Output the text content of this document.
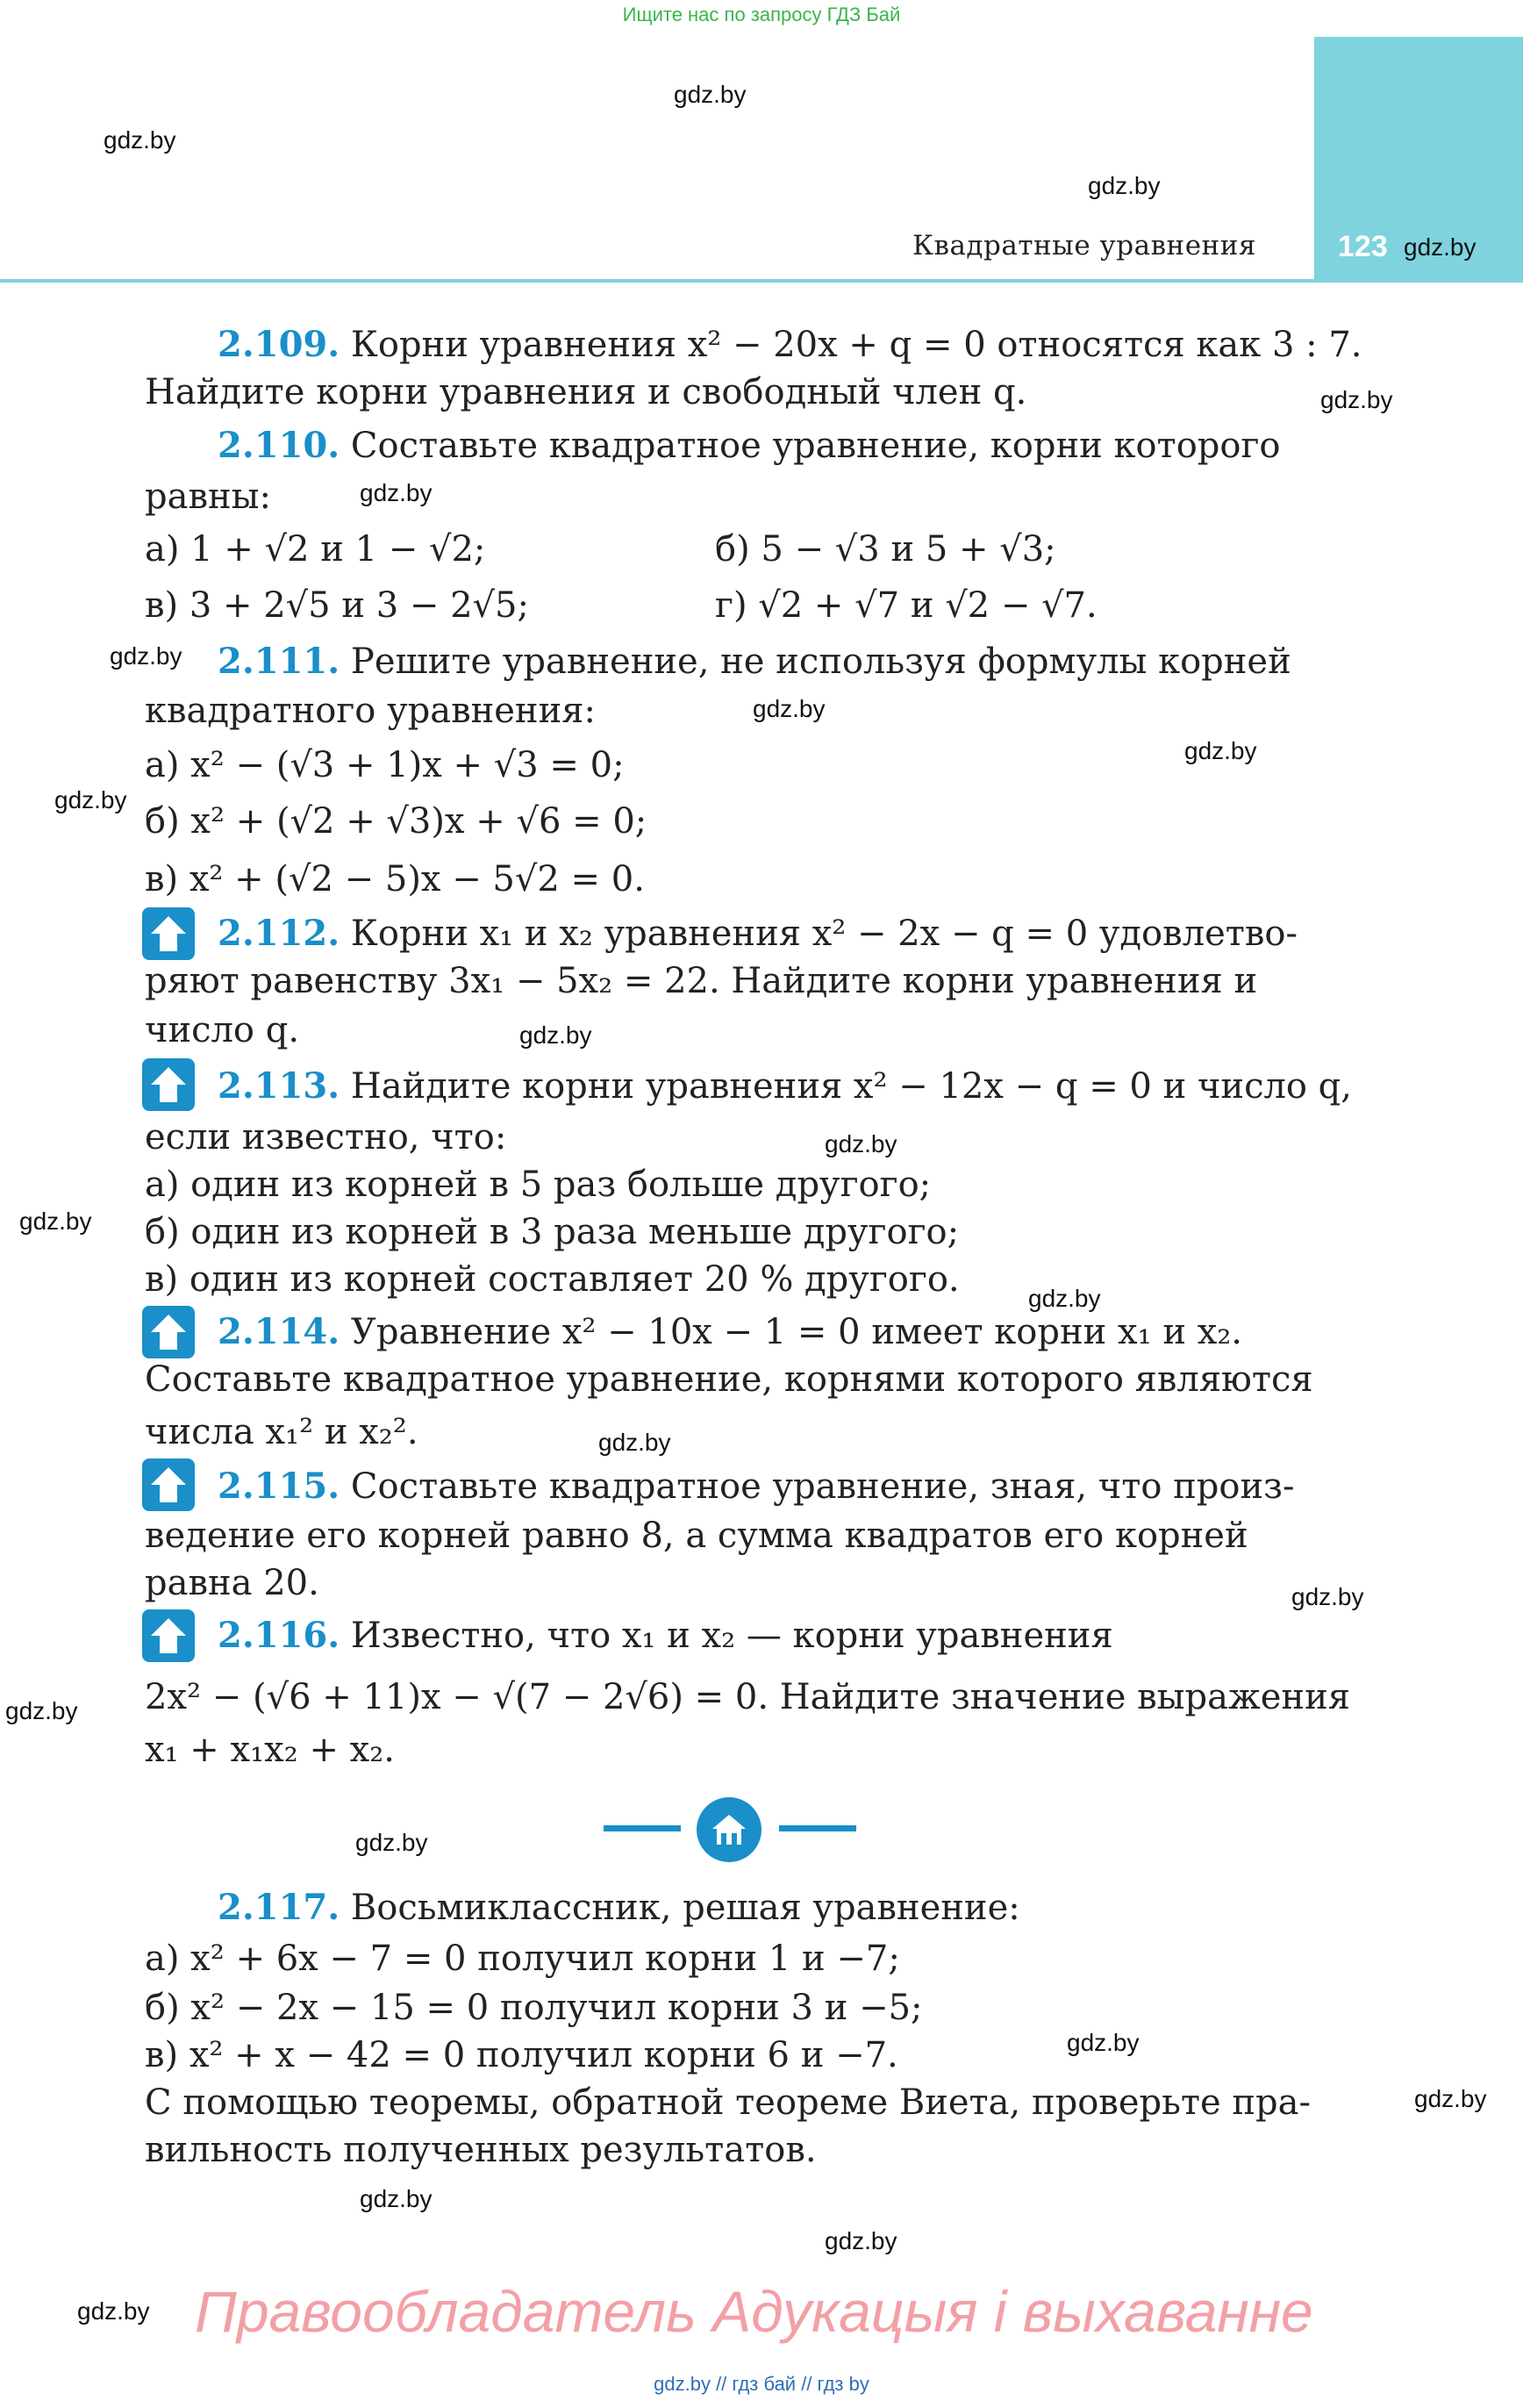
Ищите нас по запросу ГДЗ Бай
Квадратные уравнения	123
gdz.by
gdz.by
gdz.by
gdz.by
gdz.by
gdz.by
gdz.by
gdz.by
gdz.by
gdz.by
gdz.by
gdz.by
gdz.by
gdz.by
gdz.by
gdz.by
gdz.by
gdz.by
gdz.by
gdz.by
gdz.by
gdz.by
gdz.by
2.109. Корни уравнения x² − 20x + q = 0 относятся как 3 : 7.
Найдите корни уравнения и свободный член q.
2.110. Составьте квадратное уравнение, корни которого
равны:
а) 1 + √2 и 1 − √2;	б) 5 − √3 и 5 + √3;
в) 3 + 2√5 и 3 − 2√5;	г) √2 + √7 и √2 − √7.
2.111. Решите уравнение, не используя формулы корней
квадратного уравнения:
а) x² − (√3 + 1)x + √3 = 0;
б) x² + (√2 + √3)x + √6 = 0;
в) x² + (√2 − 5)x − 5√2 = 0.
2.112. Корни x₁ и x₂ уравнения x² − 2x − q = 0 удовлетво-
ряют равенству 3x₁ − 5x₂ = 22. Найдите корни уравнения и
число q.
2.113. Найдите корни уравнения x² − 12x − q = 0 и число q,
если известно, что:
а) один из корней в 5 раз больше другого;
б) один из корней в 3 раза меньше другого;
в) один из корней составляет 20 % другого.
2.114. Уравнение x² − 10x − 1 = 0 имеет корни x₁ и x₂.
Составьте квадратное уравнение, корнями которого являются
числа x₁² и x₂².
2.115. Составьте квадратное уравнение, зная, что произ-
ведение его корней равно 8, а сумма квадратов его корней
равна 20.
2.116. Известно, что x₁ и x₂ — корни уравнения
2x² − (√6 + 11)x − √(7 − 2√6) = 0. Найдите значение выражения
x₁ + x₁x₂ + x₂.
2.117. Восьмиклассник, решая уравнение:
а) x² + 6x − 7 = 0 получил корни 1 и −7;
б) x² − 2x − 15 = 0 получил корни 3 и −5;
в) x² + x − 42 = 0 получил корни 6 и −7.
С помощью теоремы, обратной теореме Виета, проверьте пра-
вильность полученных результатов.
Правообладатель Адукацыя і выхаванне
gdz.by // гдз бай // гдз by
